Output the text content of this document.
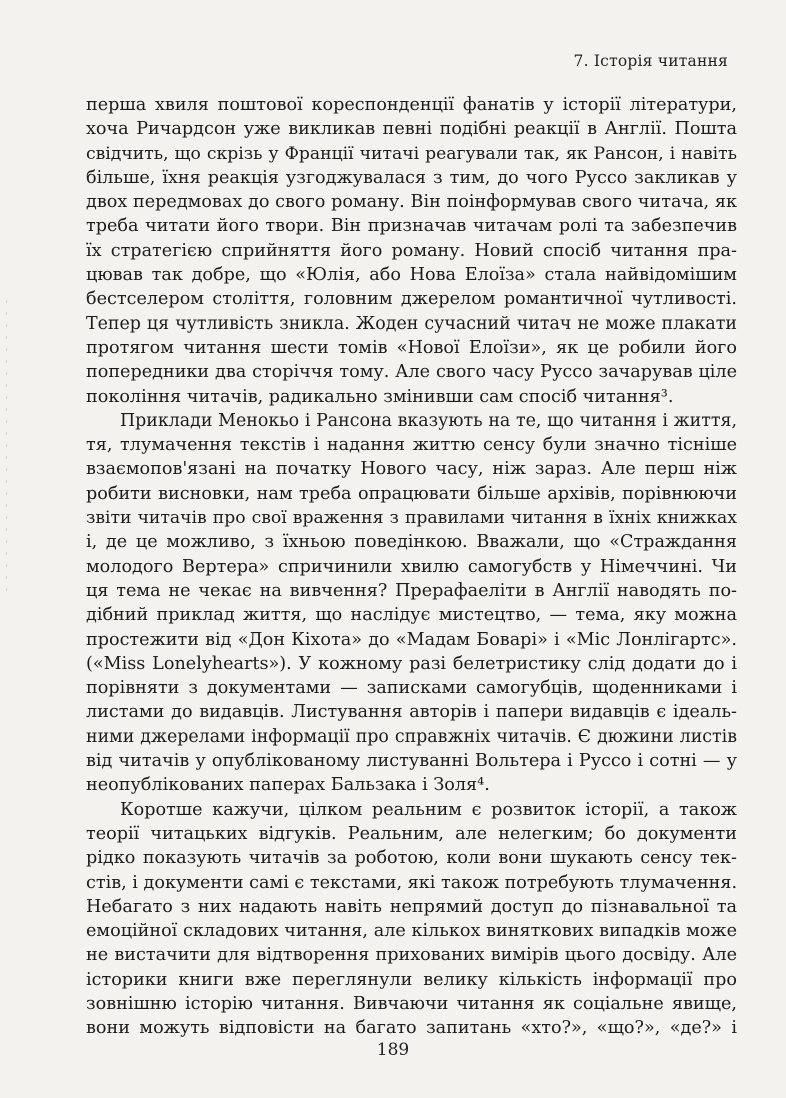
7. Історія читання
перша хвиля поштової кореспонденції фанатів у історії літератури,
хоча Ричардсон уже викликав певні подібні реакції в Англії. Пошта
свідчить, що скрізь у Франції читачі реагували так, як Рансон, і навіть
більше, їхня реакція узгоджувалася з тим, до чого Руссо закликав у
двох передмовах до свого роману. Він поінформував свого читача, як
треба читати його твори. Він призначав читачам ролі та забезпечив
їх стратегією сприйняття його роману. Новий спосіб читання пра-
цював так добре, що «Юлія, або Нова Елоїза» стала найвідомішим
бестселером століття, головним джерелом романтичної чутливості.
Тепер ця чутливість зникла. Жоден сучасний читач не може плакати
протягом читання шести томів «Нової Елоїзи», як це робили його
попередники два сторіччя тому. Але свого часу Руссо зачарував ціле
покоління читачів, радикально змінивши сам спосіб читання³.
Приклади Менокьо і Рансона вказують на те, що читання і життя,
тя, тлумачення текстів і надання життю сенсу були значно тісніше
взаємопов'язані на початку Нового часу, ніж зараз. Але перш ніж
робити висновки, нам треба опрацювати більше архівів, порівнюючи
звіти читачів про свої враження з правилами читання в їхніх книжках
і, де це можливо, з їхньою поведінкою. Вважали, що «Страждання
молодого Вертера» спричинили хвилю самогубств у Німеччині. Чи
ця тема не чекає на вивчення? Прерафаеліти в Англії наводять по-
дібний приклад життя, що наслідує мистецтво, — тема, яку можна
простежити від «Дон Кіхота» до «Мадам Боварі» і «Міс Лонлігартс».
(«Miss Lonelyhearts»). У кожному разі белетристику слід додати до і
порівняти з документами — записками самогубців, щоденниками і
листами до видавців. Листування авторів і папери видавців є ідеаль-
ними джерелами інформації про справжніх читачів. Є дюжини листів
від читачів у опублікованому листуванні Вольтера і Руссо і сотні — у
неопублікованих паперах Бальзака і Золя⁴.
Коротше кажучи, цілком реальним є розвиток історії, а також
теорії читацьких відгуків. Реальним, але нелегким; бо документи
рідко показують читачів за роботою, коли вони шукають сенсу тек-
стів, і документи самі є текстами, які також потребують тлумачення.
Небагато з них надають навіть непрямий доступ до пізнавальної та
емоційної складових читання, але кількох виняткових випадків може
не вистачити для відтворення прихованих вимірів цього досвіду. Але
історики книги вже переглянули велику кількість інформації про
зовнішню історію читання. Вивчаючи читання як соціальне явище,
вони можуть відповісти на багато запитань «хто?», «що?», «де?» і
189
